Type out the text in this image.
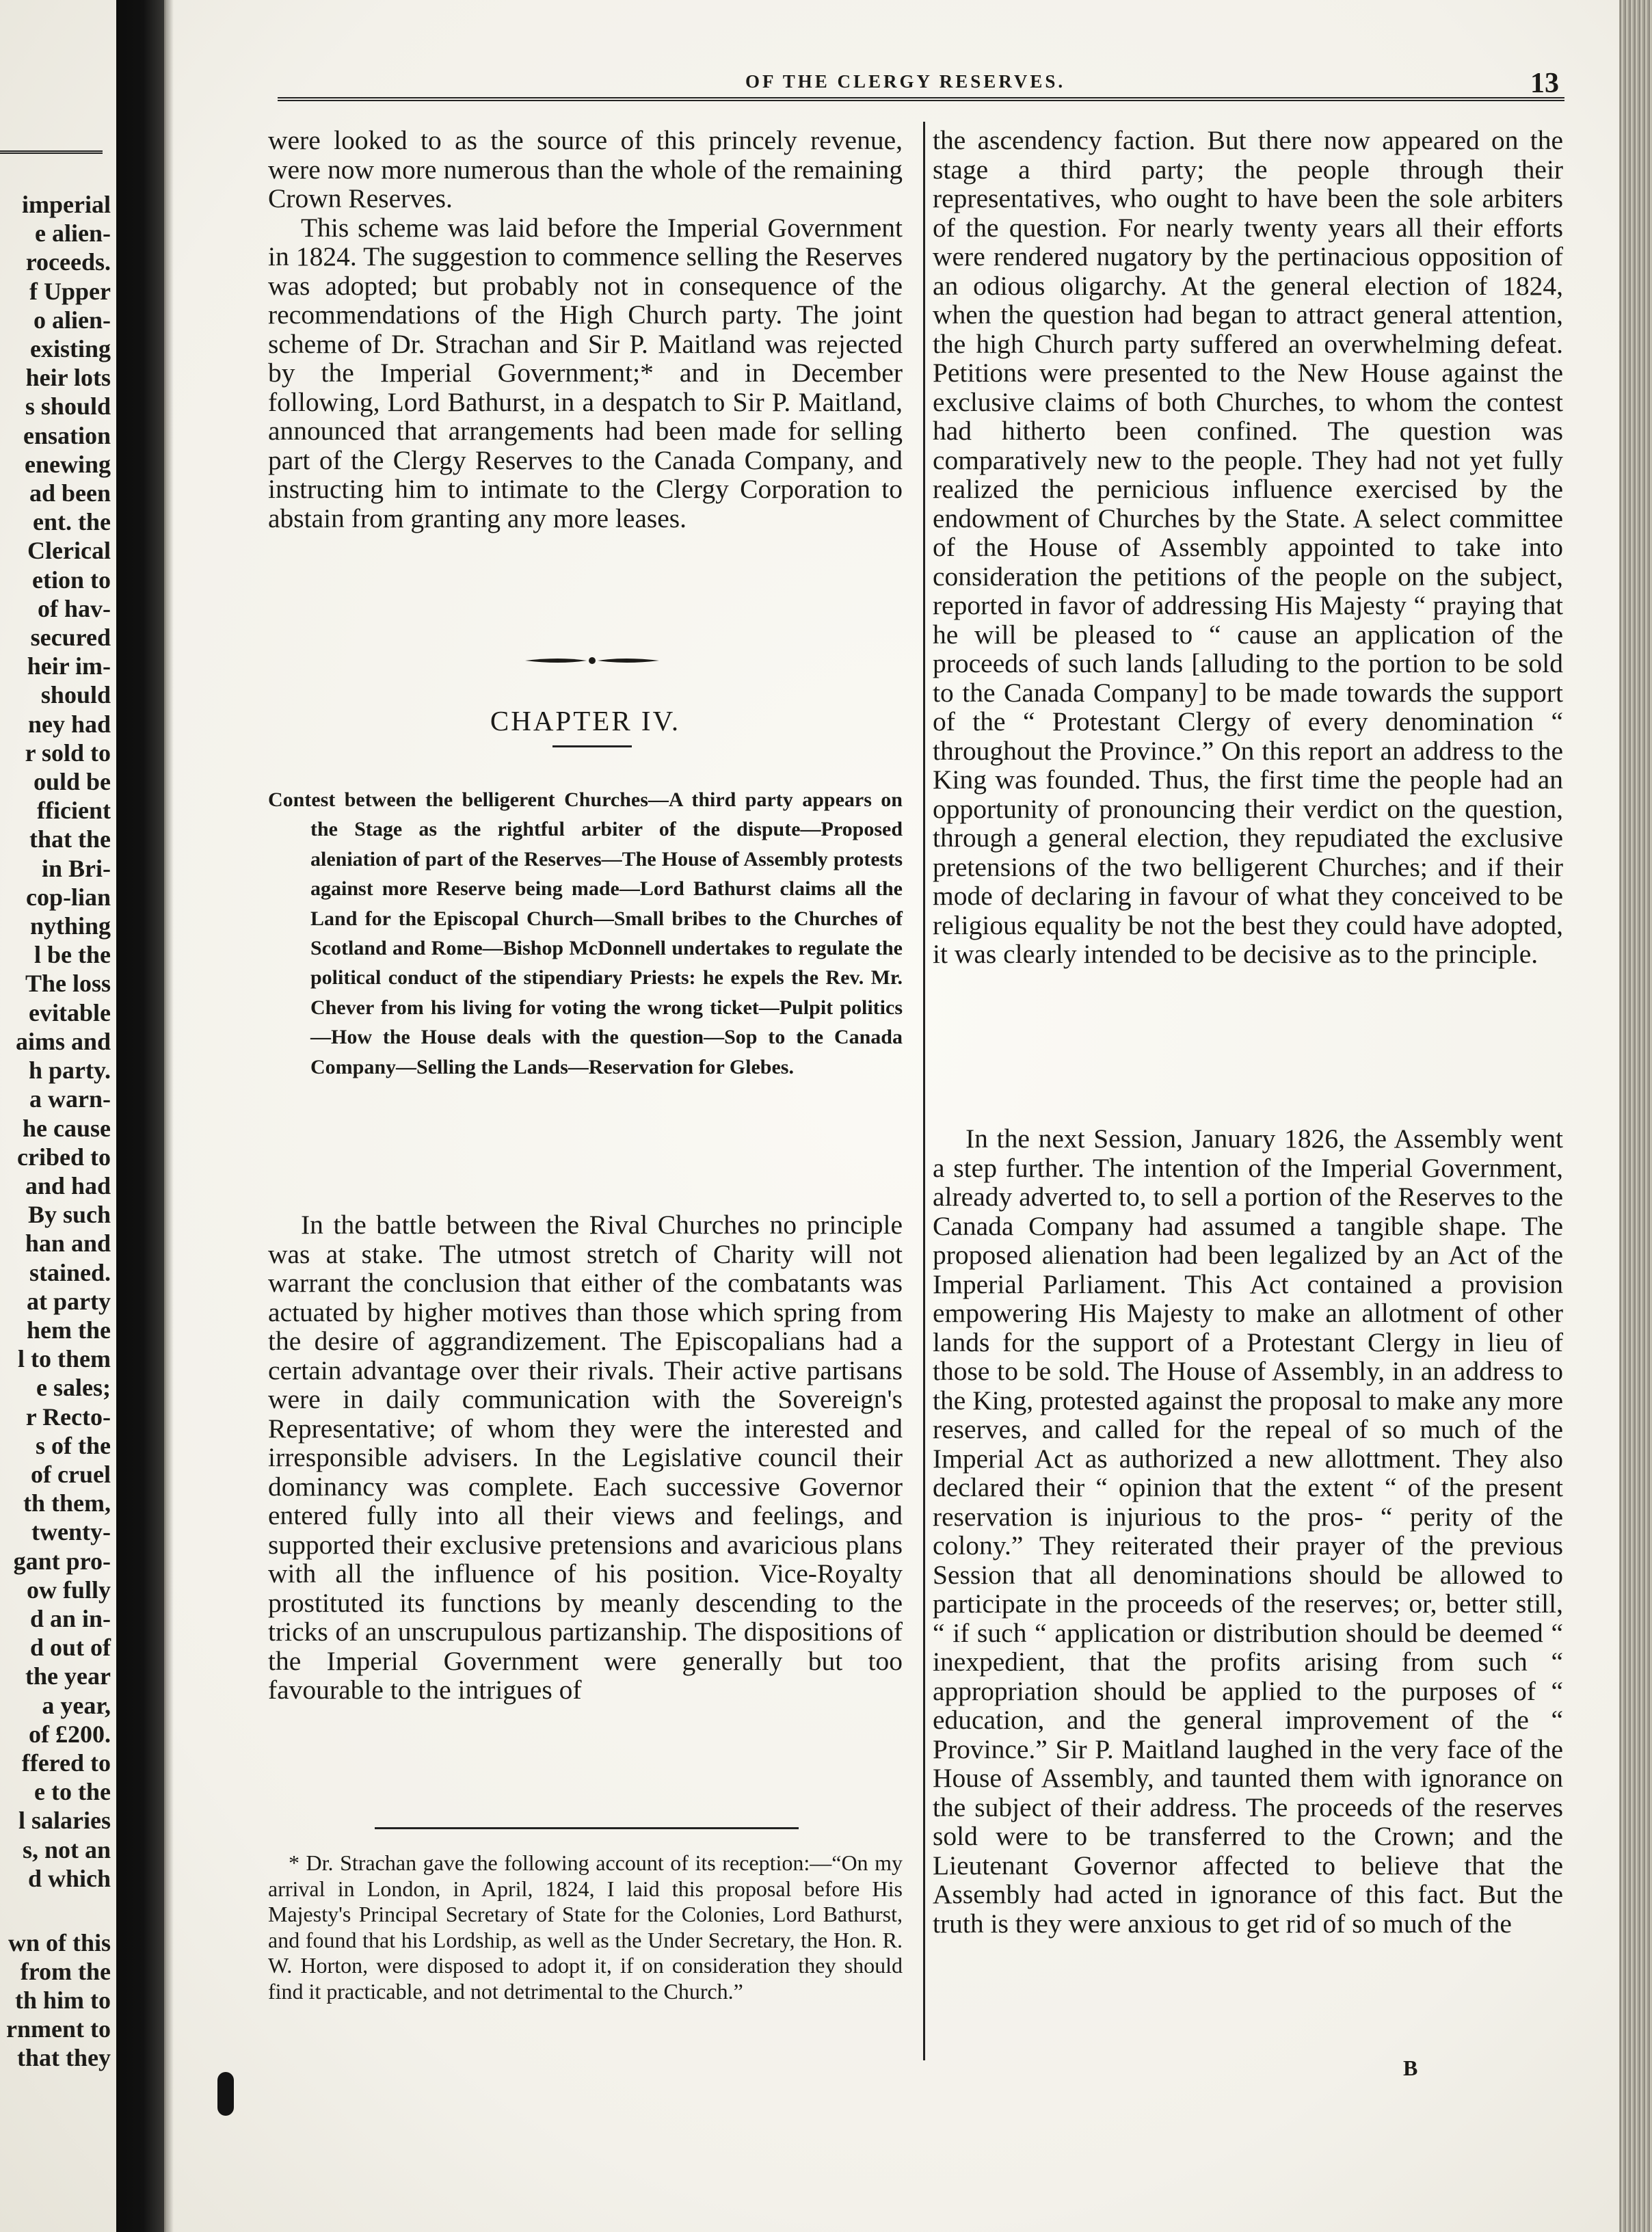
imperial
e alien-
roceeds.
f Upper
o alien-
existing
heir lots
s should
ensation
enewing
ad been
ent. the
Clerical
etion to
of hav-
secured
heir im-
should
ney had
r sold to
ould be
fficient
that the
in Bri-
cop-lian
nything
l be the
The loss
evitable
aims and
h party.
a warn-
he cause
cribed to
and had
By such
han and
stained.
at party
hem the
l to them
e sales;
r Recto-
s of the
of cruel
th them,
twenty-
gant pro-
ow fully
d an in-
d out of
the year
a year,
of £200.
ffered to
e to the
l salaries
s, not an
d which
wn of this
from the
th him to
rnment to
that they
OF THE CLERGY RESERVES.	13

were looked to as the source of this princely revenue, were now more numerous than the whole of the remaining Crown Reserves.

This scheme was laid before the Imperial Government in 1824. The suggestion to commence selling the Reserves was adopted; but probably not in consequence of the recommendations of the High Church party. The joint scheme of Dr. Strachan and Sir P. Maitland was rejected by the Imperial Government;* and in December following, Lord Bathurst, in a despatch to Sir P. Maitland, announced that arrangements had been made for selling part of the Clergy Reserves to the Canada Company, and instructing him to intimate to the Clergy Corporation to abstain from granting any more leases.

CHAPTER IV.

Contest between the belligerent Churches—A third party appears on the Stage as the rightful arbiter of the dispute—Proposed aleniation of part of the Reserves—The House of Assembly protests against more Reserve being made—Lord Bathurst claims all the Land for the Episcopal Church—Small bribes to the Churches of Scotland and Rome—Bishop McDonnell undertakes to regulate the political conduct of the stipendiary Priests: he expels the Rev. Mr. Chever from his living for voting the wrong ticket—Pulpit politics—How the House deals with the question—Sop to the Canada Company—Selling the Lands—Reservation for Glebes.

In the battle between the Rival Churches no principle was at stake. The utmost stretch of Charity will not warrant the conclusion that either of the combatants was actuated by higher motives than those which spring from the desire of aggrandizement. The Episcopalians had a certain advantage over their rivals. Their active partisans were in daily communication with the Sovereign's Representative; of whom they were the interested and irresponsible advisers. In the Legislative council their dominancy was complete. Each successive Governor entered fully into all their views and feelings, and supported their exclusive pretensions and avaricious plans with all the influence of his position. Vice-Royalty prostituted its functions by meanly descending to the tricks of an unscrupulous partizanship. The dispositions of the Imperial Government were generally but too favourable to the intrigues of

* Dr. Strachan gave the following account of its reception:—“On my arrival in London, in April, 1824, I laid this proposal before His Majesty's Principal Secretary of State for the Colonies, Lord Bathurst, and found that his Lordship, as well as the Under Secretary, the Hon. R. W. Horton, were disposed to adopt it, if on consideration they should find it practicable, and not detrimental to the Church.”

the ascendency faction. But there now appeared on the stage a third party; the people through their representatives, who ought to have been the sole arbiters of the question. For nearly twenty years all their efforts were rendered nugatory by the pertinacious opposition of an odious oligarchy. At the general election of 1824, when the question had began to attract general attention, the high Church party suffered an overwhelming defeat. Petitions were presented to the New House against the exclusive claims of both Churches, to whom the contest had hitherto been confined. The question was comparatively new to the people. They had not yet fully realized the pernicious influence exercised by the endowment of Churches by the State. A select committee of the House of Assembly appointed to take into consideration the petitions of the people on the subject, reported in favor of addressing His Majesty “ praying that he will be pleased to “ cause an application of the proceeds of such lands [alluding to the portion to be sold to the Canada Company] to be made towards the support of the “ Protestant Clergy of every denomination “ throughout the Province.” On this report an address to the King was founded. Thus, the first time the people had an opportunity of pronouncing their verdict on the question, through a general election, they repudiated the exclusive pretensions of the two belligerent Churches; and if their mode of declaring in favour of what they conceived to be religious equality be not the best they could have adopted, it was clearly intended to be decisive as to the principle.

In the next Session, January 1826, the Assembly went a step further. The intention of the Imperial Government, already adverted to, to sell a portion of the Reserves to the Canada Company had assumed a tangible shape. The proposed alienation had been legalized by an Act of the Imperial Parliament. This Act contained a provision empowering His Majesty to make an allotment of other lands for the support of a Protestant Clergy in lieu of those to be sold. The House of Assembly, in an address to the King, protested against the proposal to make any more reserves, and called for the repeal of so much of the Imperial Act as authorized a new allottment. They also declared their “ opinion that the extent “ of the present reservation is injurious to the pros- “ perity of the colony.” They reiterated their prayer of the previous Session that all denominations should be allowed to participate in the proceeds of the reserves; or, better still, “ if such “ application or distribution should be deemed “ inexpedient, that the profits arising from such “ appropriation should be applied to the purposes of “ education, and the general improvement of the “ Province.” Sir P. Maitland laughed in the very face of the House of Assembly, and taunted them with ignorance on the subject of their address. The proceeds of the reserves sold were to be transferred to the Crown; and the Lieutenant Governor affected to believe that the Assembly had acted in ignorance of this fact. But the truth is they were anxious to get rid of so much of the

B
